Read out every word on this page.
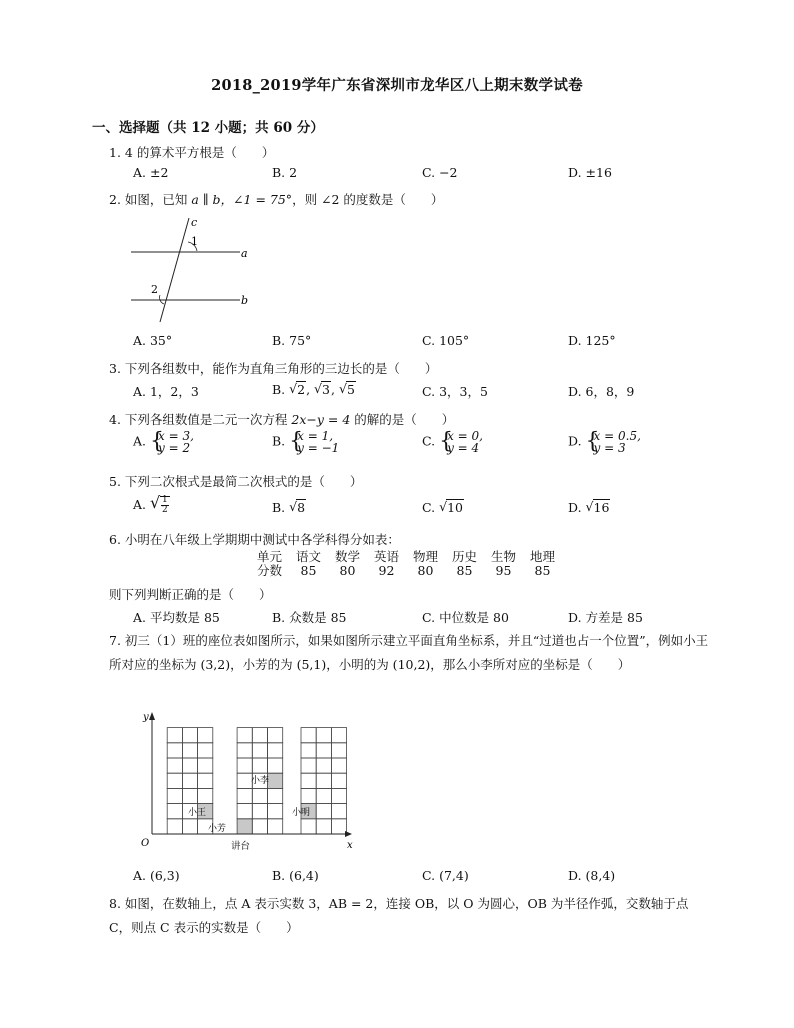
2018_2019学年广东省深圳市龙华区八上期末数学试卷
一、选择题（共 12 小题；共 60 分）
1. 4 的算术平方根是（　　）
A. ±2	B. 2	C. −2	D. ±16
2. 如图，已知 a ∥ b，∠1 = 75°，则 ∠2 的度数是（　　）
c
1
a
2
b
A. 35°	B. 75°	C. 105°	D. 125°
3. 下列各组数中，能作为直角三角形的三边长的是（　　）
A. 1，2，3	B. √ 2, √ 3, √ 5	C. 3，3，5	D. 6，8，9
4. 下列各组数值是二元一次方程 2x−y = 4 的解的是（　　）
A. {
x = 3,
y = 2	B. {
x = 1,
y = −1	C. {
x = 0,
y = 4	D. {
x = 0.5,
y = 3
5. 下列二次根式是最简二次根式的是（　　）
A. √ $\frac{1}{2}$	B. √ 8	C. √ 10	D. √ 16
6. 小明在八年级上学期期中测试中各学科得分如表：
单元	语文	数学	英语	物理	历史	生物	地理
分数	85	80	92	80	85	95	85
则下列判断正确的是（　　）
A. 平均数是 85	B. 众数是 85	C. 中位数是 80	D. 方差是 85
7. 初三（1）班的座位表如图所示，如果如图所示建立平面直角坐标系，并且“过道也占一个位置”，例如小王所对应的坐标为 (3,2)，小芳的为 (5,1)，小明的为 (10,2)，那么小李所对应的坐标是（　　）
y
x
O	讲台
小王
小芳
小李
小明
A. (6,3)	B. (6,4)	C. (7,4)	D. (8,4)
8. 如图，在数轴上，点 A 表示实数 3，AB = 2，连接 OB，以 O 为圆心，OB 为半径作弧，交数轴于点 C，则点 C 表示的实数是（　　）
